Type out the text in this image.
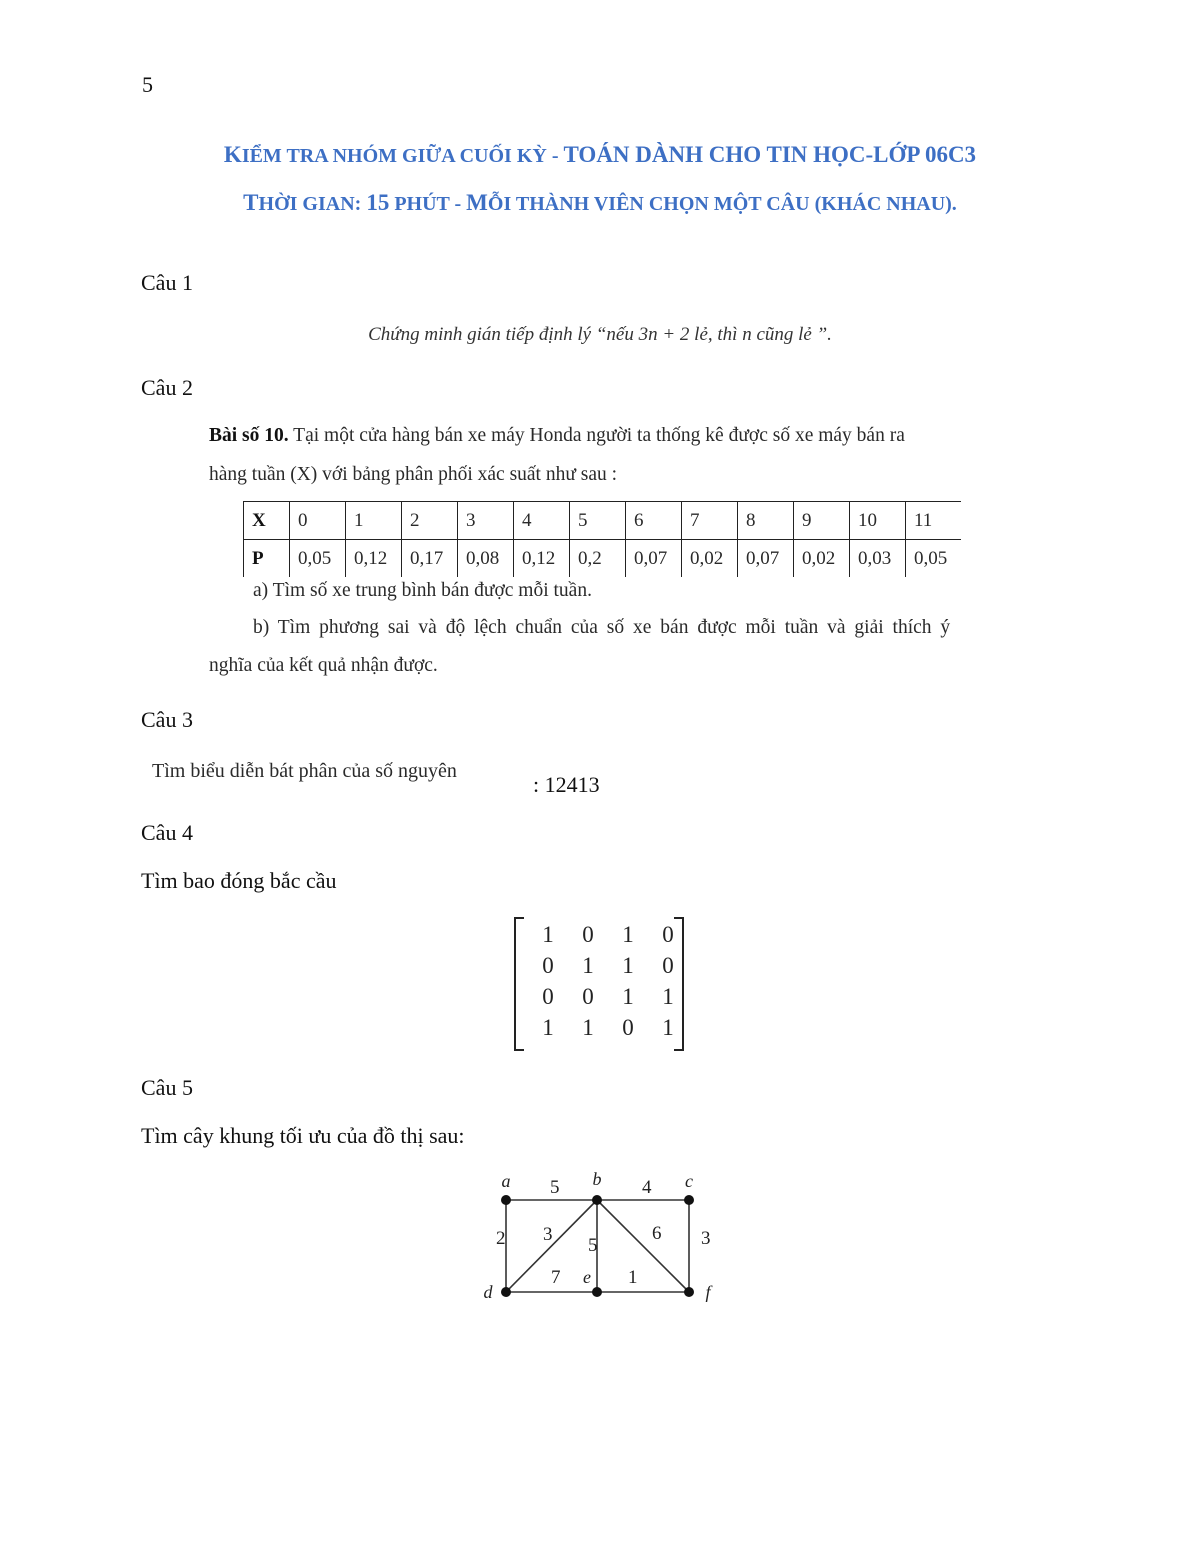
5
KIỂM TRA NHÓM GIỮA CUỐI KỲ - TOÁN DÀNH CHO TIN HỌC-LỚP 06C3
THỜI GIAN: 15 PHÚT - MỖI THÀNH VIÊN CHỌN MỘT CÂU (KHÁC NHAU).
Câu 1
Chứng minh gián tiếp định lý “nếu 3n + 2 lẻ, thì n cũng lẻ ”.
Câu 2
Bài số 10. Tại một cửa hàng bán xe máy Honda người ta thống kê được số xe máy bán ra
hàng tuần (X) với bảng phân phối xác suất như sau :
X	0	1	2	3	4	5	6	7	8	9	10	11
P	0,05	0,12	0,17	0,08	0,12	0,2	0,07	0,02	0,07	0,02	0,03	0,05
a) Tìm số xe trung bình bán được mỗi tuần.
b) Tìm phương sai và độ lệch chuẩn của số xe bán được mỗi tuần và giải thích ý
nghĩa của kết quả nhận được.
Câu 3
Tìm biểu diễn bát phân của số nguyên
: 12413
Câu 4
Tìm bao đóng bắc cầu
1	0	1	0
0	1	1	0
0	0	1	1
1	1	0	1
Câu 5
Tìm cây khung tối ưu của đồ thị sau:
5	4
2 3
5
6 3
7	1
a	b	c
d
e
f
